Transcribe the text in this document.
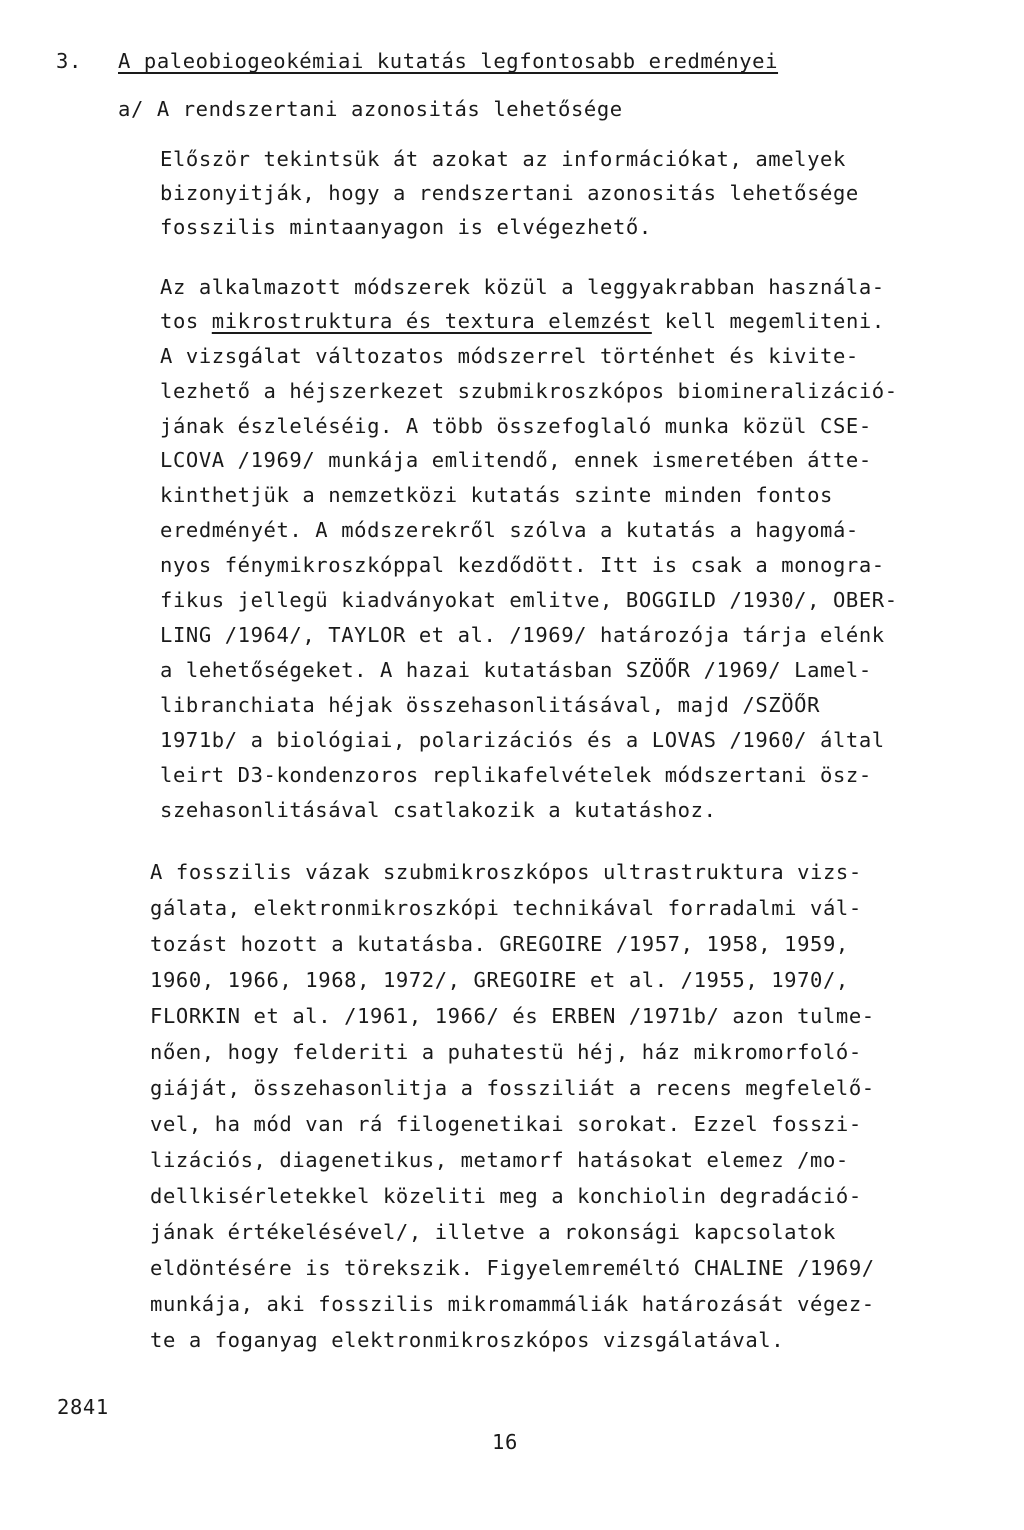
3. A paleobiogeokémiai kutatás legfontosabb eredményei
a/ A rendszertani azonositás lehetősége
Először tekintsük át azokat az információkat, amelyek
bizonyitják, hogy a rendszertani azonositás lehetősége
fosszilis mintaanyagon is elvégezhető.
Az alkalmazott módszerek közül a leggyakrabban használa-
tos mikrostruktura és textura elemzést kell megemliteni.
A vizsgálat változatos módszerrel történhet és kivite-
lezhető a héjszerkezet szubmikroszkópos biomineralizáció-
jának észleléséig. A több összefoglaló munka közül CSE-
LCOVA /1969/ munkája emlitendő, ennek ismeretében átte-
kinthetjük a nemzetközi kutatás szinte minden fontos
eredményét. A módszerekről szólva a kutatás a hagyomá-
nyos fénymikroszkóppal kezdődött. Itt is csak a monogra-
fikus jellegü kiadványokat emlitve, BOGGILD /1930/, OBER-
LING /1964/, TAYLOR et al. /1969/ határozója tárja elénk
a lehetőségeket. A hazai kutatásban SZÖŐR /1969/ Lamel-
libranchiata héjak összehasonlitásával, majd /SZÖŐR
1971b/ a biológiai, polarizációs és a LOVAS /1960/ által
leirt D3-kondenzoros replikafelvételek módszertani ösz-
szehasonlitásával csatlakozik a kutatáshoz.
A fosszilis vázak szubmikroszkópos ultrastruktura vizs-
gálata, elektronmikroszkópi technikával forradalmi vál-
tozást hozott a kutatásba. GREGOIRE /1957, 1958, 1959,
1960, 1966, 1968, 1972/, GREGOIRE et al. /1955, 1970/,
FLORKIN et al. /1961, 1966/ és ERBEN /1971b/ azon tulme-
nően, hogy felderiti a puhatestü héj, ház mikromorfoló-
giáját, összehasonlitja a fossziliát a recens megfelelő-
vel, ha mód van rá filogenetikai sorokat. Ezzel fosszi-
lizációs, diagenetikus, metamorf hatásokat elemez /mo-
dellkisérletekkel közeliti meg a konchiolin degradáció-
jának értékelésével/, illetve a rokonsági kapcsolatok
eldöntésére is törekszik. Figyelemreméltó CHALINE /1969/
munkája, aki fosszilis mikromammáliák határozását végez-
te a foganyag elektronmikroszkópos vizsgálatával.
2841
16
